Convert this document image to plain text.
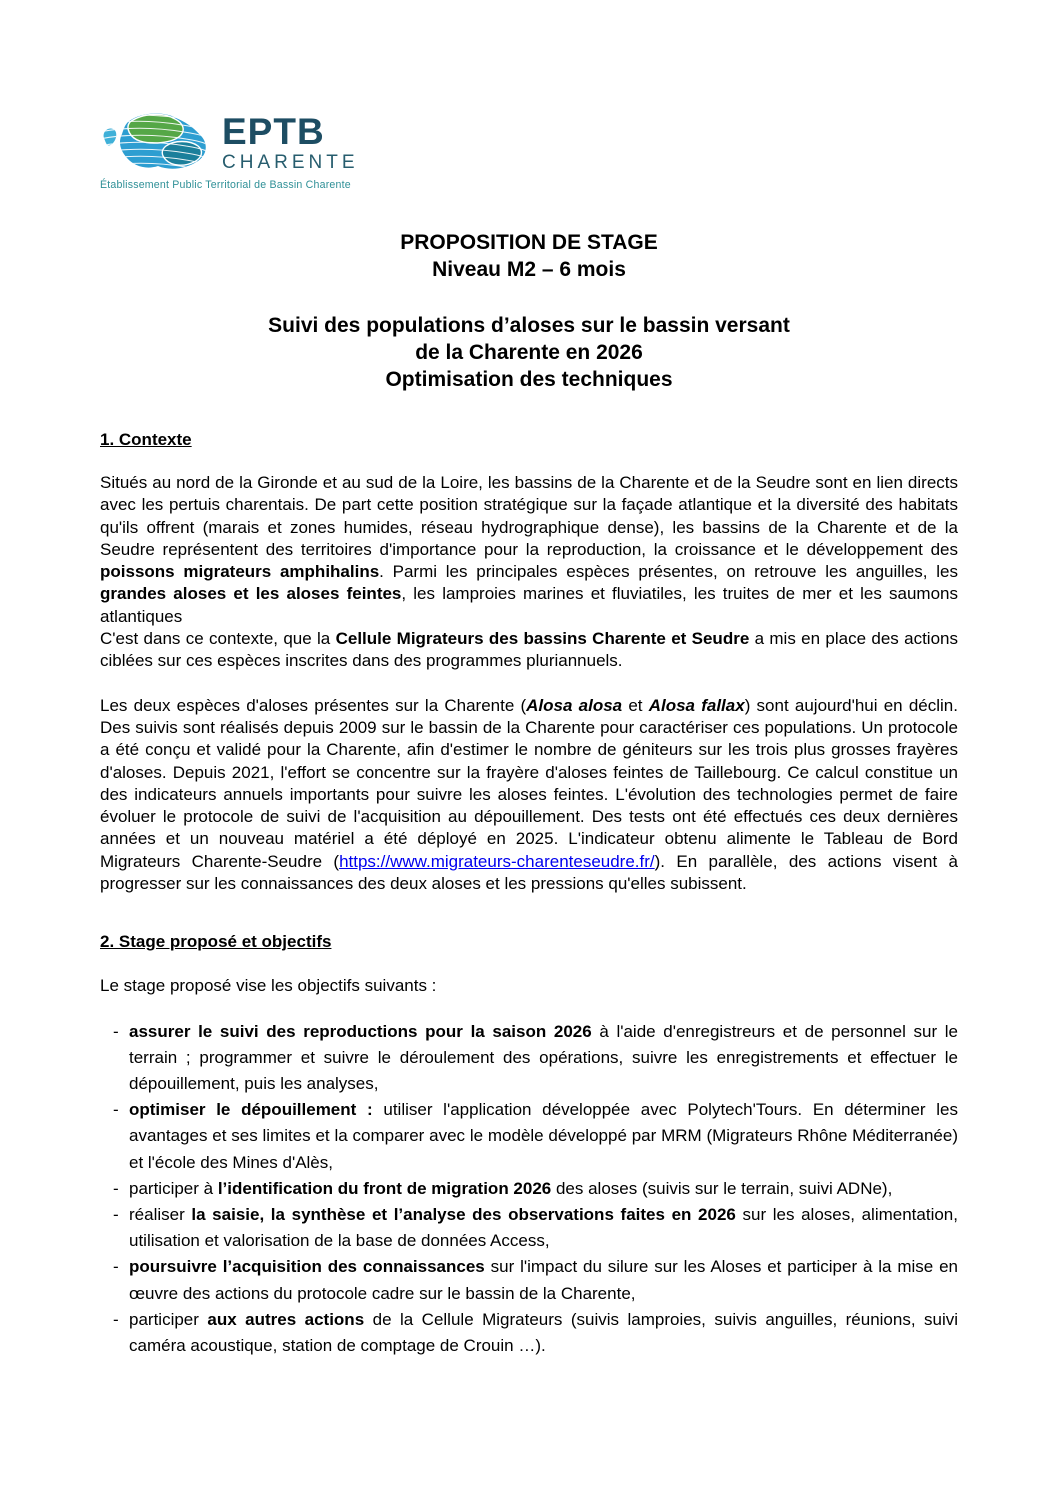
EPTB
CHARENTE
Établissement Public Territorial de Bassin Charente
PROPOSITION DE STAGE
Niveau M2 – 6 mois
Suivi des populations d’aloses sur le bassin versant
de la Charente en 2026
Optimisation des techniques
1. Contexte

Situés au nord de la Gironde et au sud de la Loire, les bassins de la Charente et de la Seudre sont en lien directs avec les pertuis charentais. De part cette position stratégique sur la façade atlantique et la diversité des habitats qu'ils offrent (marais et zones humides, réseau hydrographique dense), les bassins de la Charente et de la Seudre représentent des territoires d'importance pour la reproduction, la croissance et le développement des poissons migrateurs amphihalins. Parmi les principales espèces présentes, on retrouve les anguilles, les grandes aloses et les aloses feintes, les lamproies marines et fluviatiles, les truites de mer et les saumons atlantiques
C'est dans ce contexte, que la Cellule Migrateurs des bassins Charente et Seudre a mis en place des actions ciblées sur ces espèces inscrites dans des programmes pluriannuels.

Les deux espèces d'aloses présentes sur la Charente (Alosa alosa et Alosa fallax) sont aujourd'hui en déclin. Des suivis sont réalisés depuis 2009 sur le bassin de la Charente pour caractériser ces populations. Un protocole a été conçu et validé pour la Charente, afin d'estimer le nombre de géniteurs sur les trois plus grosses frayères d'aloses. Depuis 2021, l'effort se concentre sur la frayère d'aloses feintes de Taillebourg. Ce calcul constitue un des indicateurs annuels importants pour suivre les aloses feintes. L'évolution des technologies permet de faire évoluer le protocole de suivi de l'acquisition au dépouillement. Des tests ont été effectués ces deux dernières années et un nouveau matériel a été déployé en 2025. L'indicateur obtenu alimente le Tableau de Bord Migrateurs Charente-Seudre (https://www.migrateurs-charenteseudre.fr/). En parallèle, des actions visent à progresser sur les connaissances des deux aloses et les pressions qu'elles subissent.

2. Stage proposé et objectifs

Le stage proposé vise les objectifs suivants :

- assurer le suivi des reproductions pour la saison 2026 à l'aide d'enregistreurs et de personnel sur le terrain ; programmer et suivre le déroulement des opérations, suivre les enregistrements et effectuer le dépouillement, puis les analyses,
- optimiser le dépouillement : utiliser l'application développée avec Polytech'Tours. En déterminer les avantages et ses limites et la comparer avec le modèle développé par MRM (Migrateurs Rhône Méditerranée) et l'école des Mines d'Alès,
- participer à l’identification du front de migration 2026 des aloses (suivis sur le terrain, suivi ADNe),
- réaliser la saisie, la synthèse et l’analyse des observations faites en 2026 sur les aloses, alimentation, utilisation et valorisation de la base de données Access,
- poursuivre l’acquisition des connaissances sur l'impact du silure sur les Aloses et participer à la mise en œuvre des actions du protocole cadre sur le bassin de la Charente,
- participer aux autres actions de la Cellule Migrateurs (suivis lamproies, suivis anguilles, réunions, suivi caméra acoustique, station de comptage de Crouin …).
